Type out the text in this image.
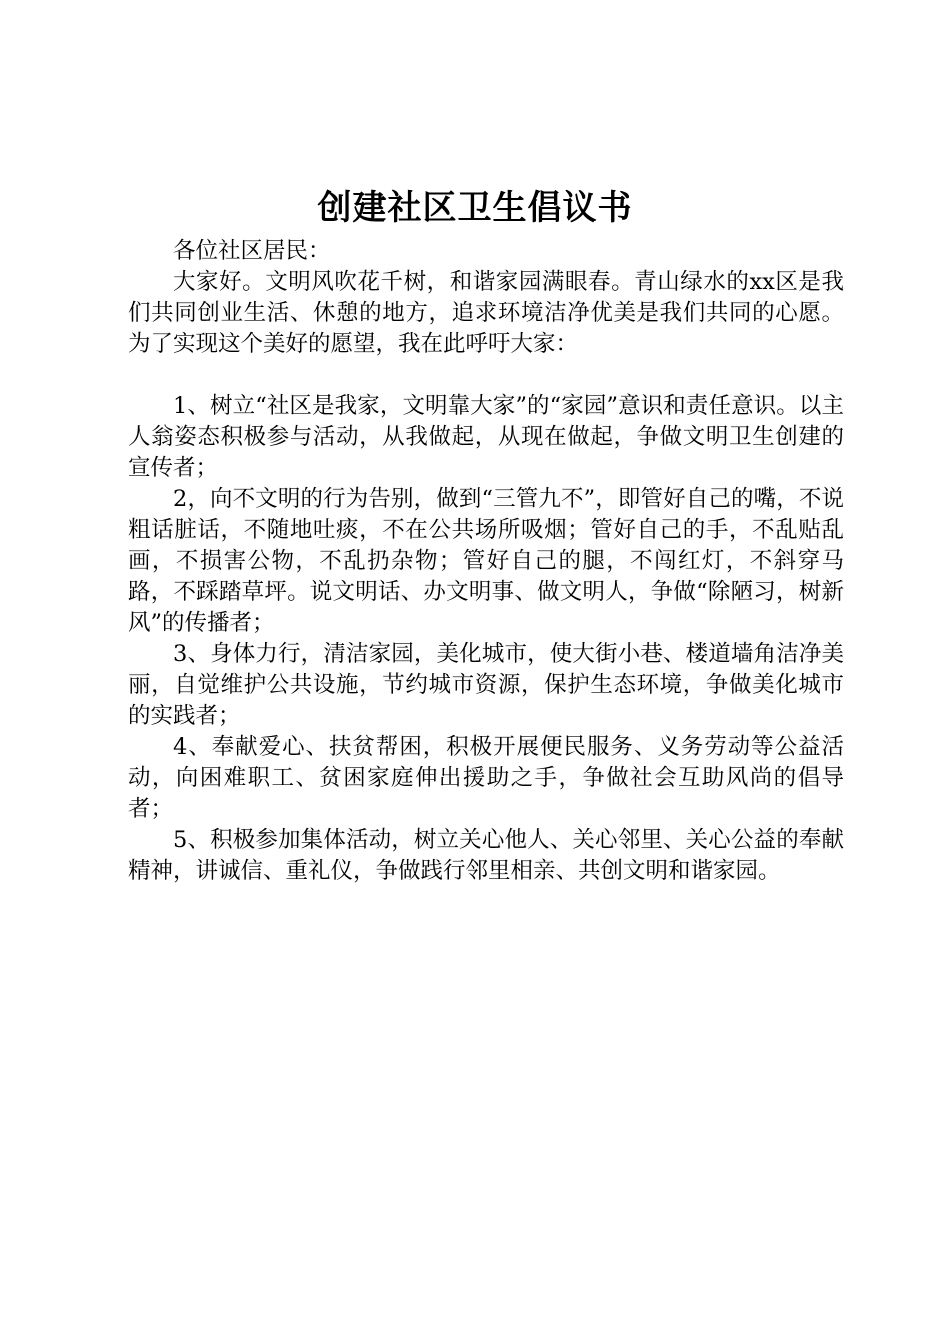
创建社区卫生倡议书

各位社区居民：

大家好。文明风吹花千树，和谐家园满眼春。青山绿水的xx区是我们共同创业生活、休憩的地方，追求环境洁净优美是我们共同的心愿。为了实现这个美好的愿望，我在此呼吁大家：

1、树立“社区是我家，文明靠大家”的“家园”意识和责任意识。以主人翁姿态积极参与活动，从我做起，从现在做起，争做文明卫生创建的宣传者；

2，向不文明的行为告别，做到“三管九不”，即管好自己的嘴，不说粗话脏话，不随地吐痰，不在公共场所吸烟；管好自己的手，不乱贴乱画，不损害公物，不乱扔杂物；管好自己的腿，不闯红灯，不斜穿马路，不踩踏草坪。说文明话、办文明事、做文明人，争做“除陋习，树新风”的传播者；

3、身体力行，清洁家园，美化城市，使大街小巷、楼道墙角洁净美丽，自觉维护公共设施，节约城市资源，保护生态环境，争做美化城市的实践者；

4、奉献爱心、扶贫帮困，积极开展便民服务、义务劳动等公益活动，向困难职工、贫困家庭伸出援助之手，争做社会互助风尚的倡导者；

5、积极参加集体活动，树立关心他人、关心邻里、关心公益的奉献精神，讲诚信、重礼仪，争做践行邻里相亲、共创文明和谐家园。
